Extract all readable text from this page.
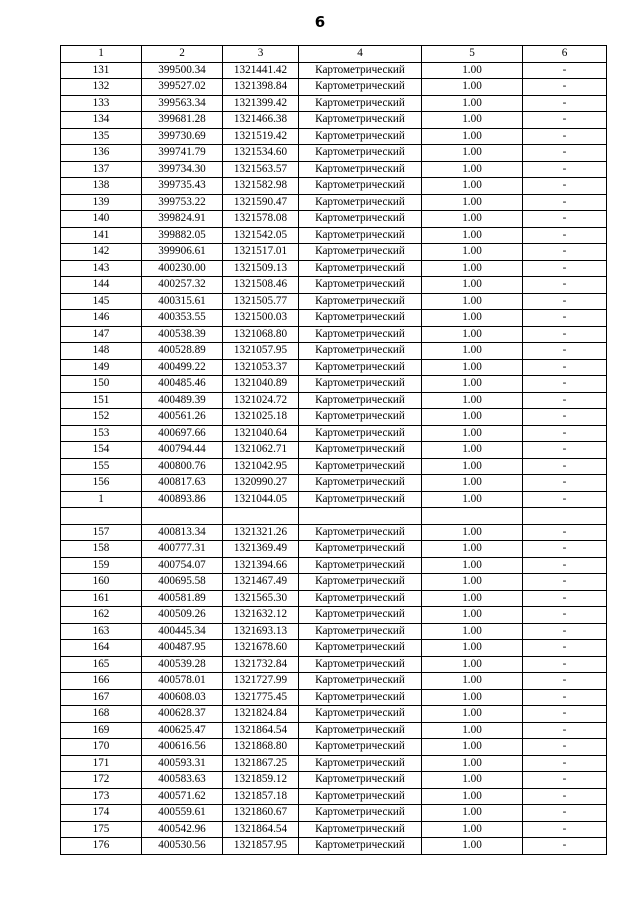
6
1	2	3	4	5	6
131	399500.34	1321441.42	Картометрический	1.00	-
132	399527.02	1321398.84	Картометрический	1.00	-
133	399563.34	1321399.42	Картометрический	1.00	-
134	399681.28	1321466.38	Картометрический	1.00	-
135	399730.69	1321519.42	Картометрический	1.00	-
136	399741.79	1321534.60	Картометрический	1.00	-
137	399734.30	1321563.57	Картометрический	1.00	-
138	399735.43	1321582.98	Картометрический	1.00	-
139	399753.22	1321590.47	Картометрический	1.00	-
140	399824.91	1321578.08	Картометрический	1.00	-
141	399882.05	1321542.05	Картометрический	1.00	-
142	399906.61	1321517.01	Картометрический	1.00	-
143	400230.00	1321509.13	Картометрический	1.00	-
144	400257.32	1321508.46	Картометрический	1.00	-
145	400315.61	1321505.77	Картометрический	1.00	-
146	400353.55	1321500.03	Картометрический	1.00	-
147	400538.39	1321068.80	Картометрический	1.00	-
148	400528.89	1321057.95	Картометрический	1.00	-
149	400499.22	1321053.37	Картометрический	1.00	-
150	400485.46	1321040.89	Картометрический	1.00	-
151	400489.39	1321024.72	Картометрический	1.00	-
152	400561.26	1321025.18	Картометрический	1.00	-
153	400697.66	1321040.64	Картометрический	1.00	-
154	400794.44	1321062.71	Картометрический	1.00	-
155	400800.76	1321042.95	Картометрический	1.00	-
156	400817.63	1320990.27	Картометрический	1.00	-
1	400893.86	1321044.05	Картометрический	1.00	-

157	400813.34	1321321.26	Картометрический	1.00	-
158	400777.31	1321369.49	Картометрический	1.00	-
159	400754.07	1321394.66	Картометрический	1.00	-
160	400695.58	1321467.49	Картометрический	1.00	-
161	400581.89	1321565.30	Картометрический	1.00	-
162	400509.26	1321632.12	Картометрический	1.00	-
163	400445.34	1321693.13	Картометрический	1.00	-
164	400487.95	1321678.60	Картометрический	1.00	-
165	400539.28	1321732.84	Картометрический	1.00	-
166	400578.01	1321727.99	Картометрический	1.00	-
167	400608.03	1321775.45	Картометрический	1.00	-
168	400628.37	1321824.84	Картометрический	1.00	-
169	400625.47	1321864.54	Картометрический	1.00	-
170	400616.56	1321868.80	Картометрический	1.00	-
171	400593.31	1321867.25	Картометрический	1.00	-
172	400583.63	1321859.12	Картометрический	1.00	-
173	400571.62	1321857.18	Картометрический	1.00	-
174	400559.61	1321860.67	Картометрический	1.00	-
175	400542.96	1321864.54	Картометрический	1.00	-
176	400530.56	1321857.95	Картометрический	1.00	-
